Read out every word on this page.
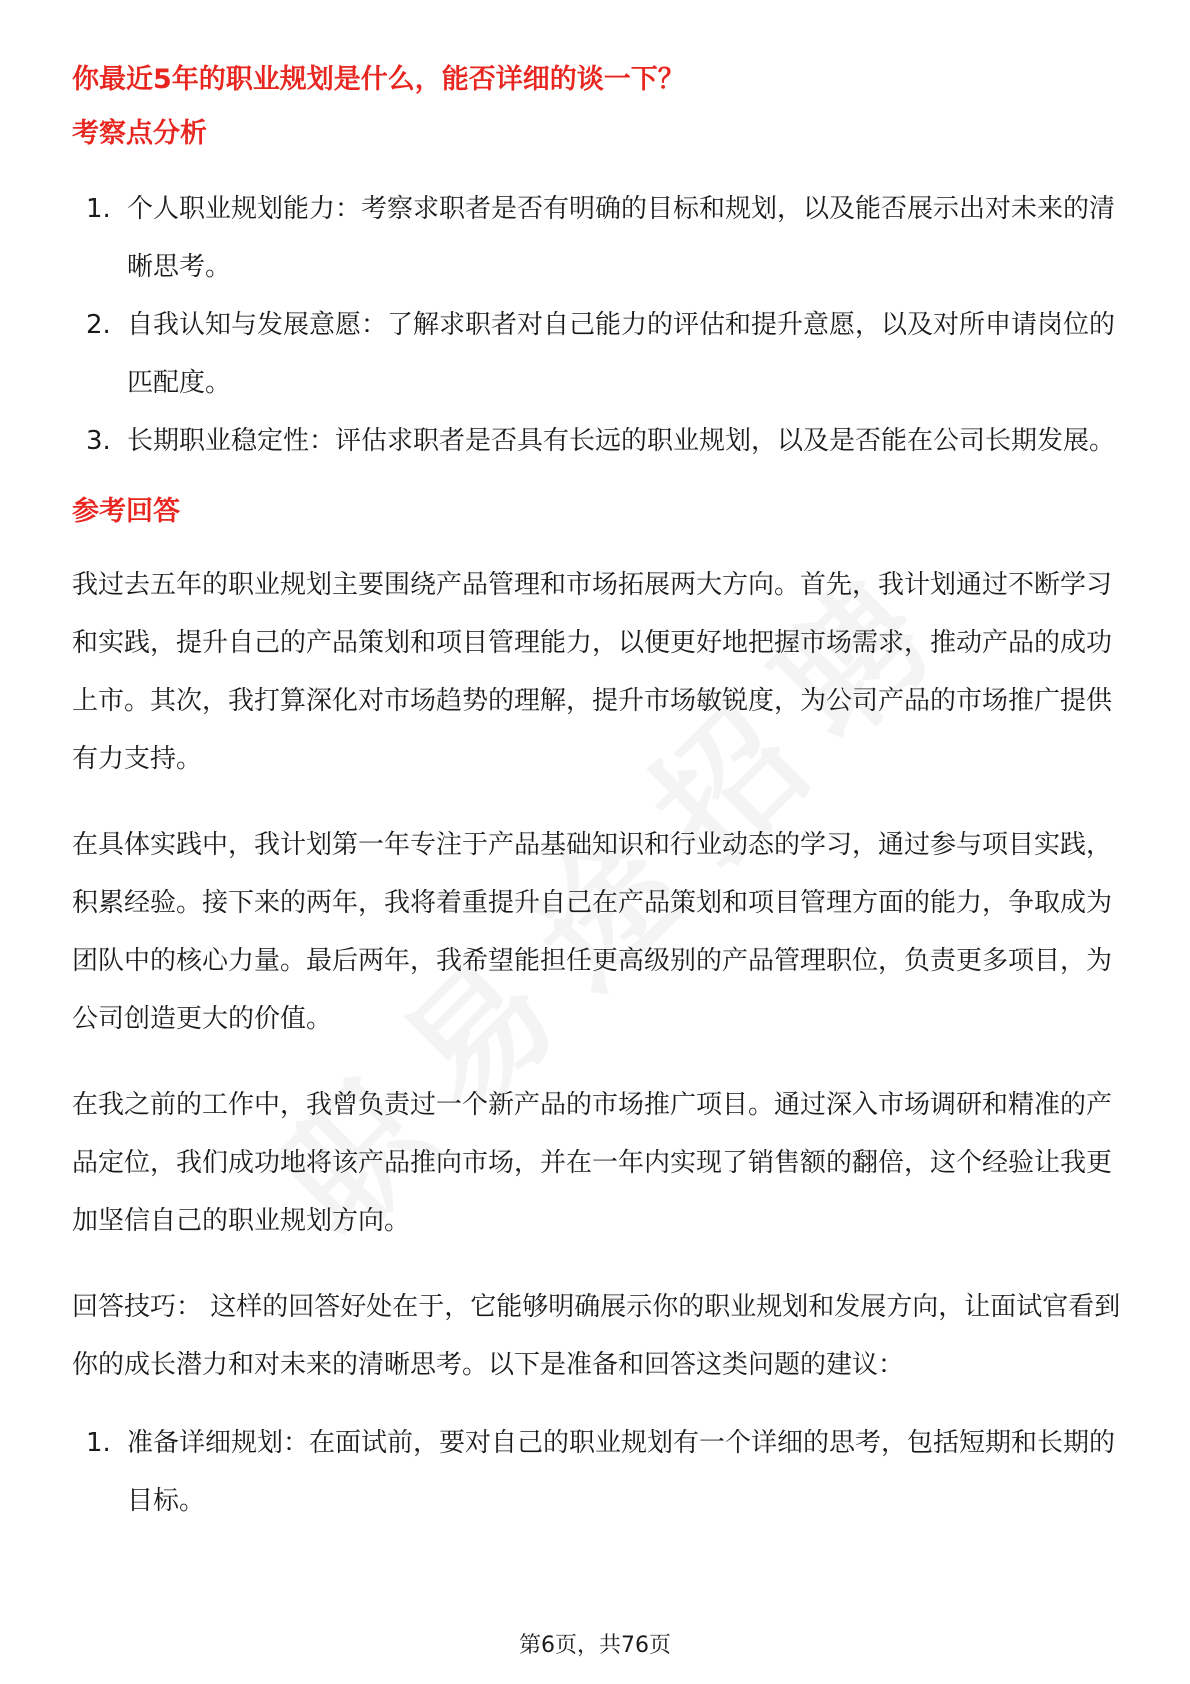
你最近5年的职业规划是什么，能否详细的谈一下？

考察点分析

1. 个人职业规划能力：考察求职者是否有明确的目标和规划，以及能否展示出对未来的清晰思考。
2. 自我认知与发展意愿：了解求职者对自己能力的评估和提升意愿，以及对所申请岗位的匹配度。
3. 长期职业稳定性：评估求职者是否具有长远的职业规划，以及是否能在公司长期发展。

参考回答

我过去五年的职业规划主要围绕产品管理和市场拓展两大方向。首先，我计划通过不断学习和实践，提升自己的产品策划和项目管理能力，以便更好地把握市场需求，推动产品的成功上市。其次，我打算深化对市场趋势的理解，提升市场敏锐度，为公司产品的市场推广提供有力支持。

在具体实践中，我计划第一年专注于产品基础知识和行业动态的学习，通过参与项目实践，积累经验。接下来的两年，我将着重提升自己在产品策划和项目管理方面的能力，争取成为团队中的核心力量。最后两年，我希望能担任更高级别的产品管理职位，负责更多项目，为公司创造更大的价值。

在我之前的工作中，我曾负责过一个新产品的市场推广项目。通过深入市场调研和精准的产品定位，我们成功地将该产品推向市场，并在一年内实现了销售额的翻倍，这个经验让我更加坚信自己的职业规划方向。

回答技巧： 这样的回答好处在于，它能够明确展示你的职业规划和发展方向，让面试官看到你的成长潜力和对未来的清晰思考。以下是准备和回答这类问题的建议：

1. 准备详细规划：在面试前，要对自己的职业规划有一个详细的思考，包括短期和长期的目标。
第6页，共76页
